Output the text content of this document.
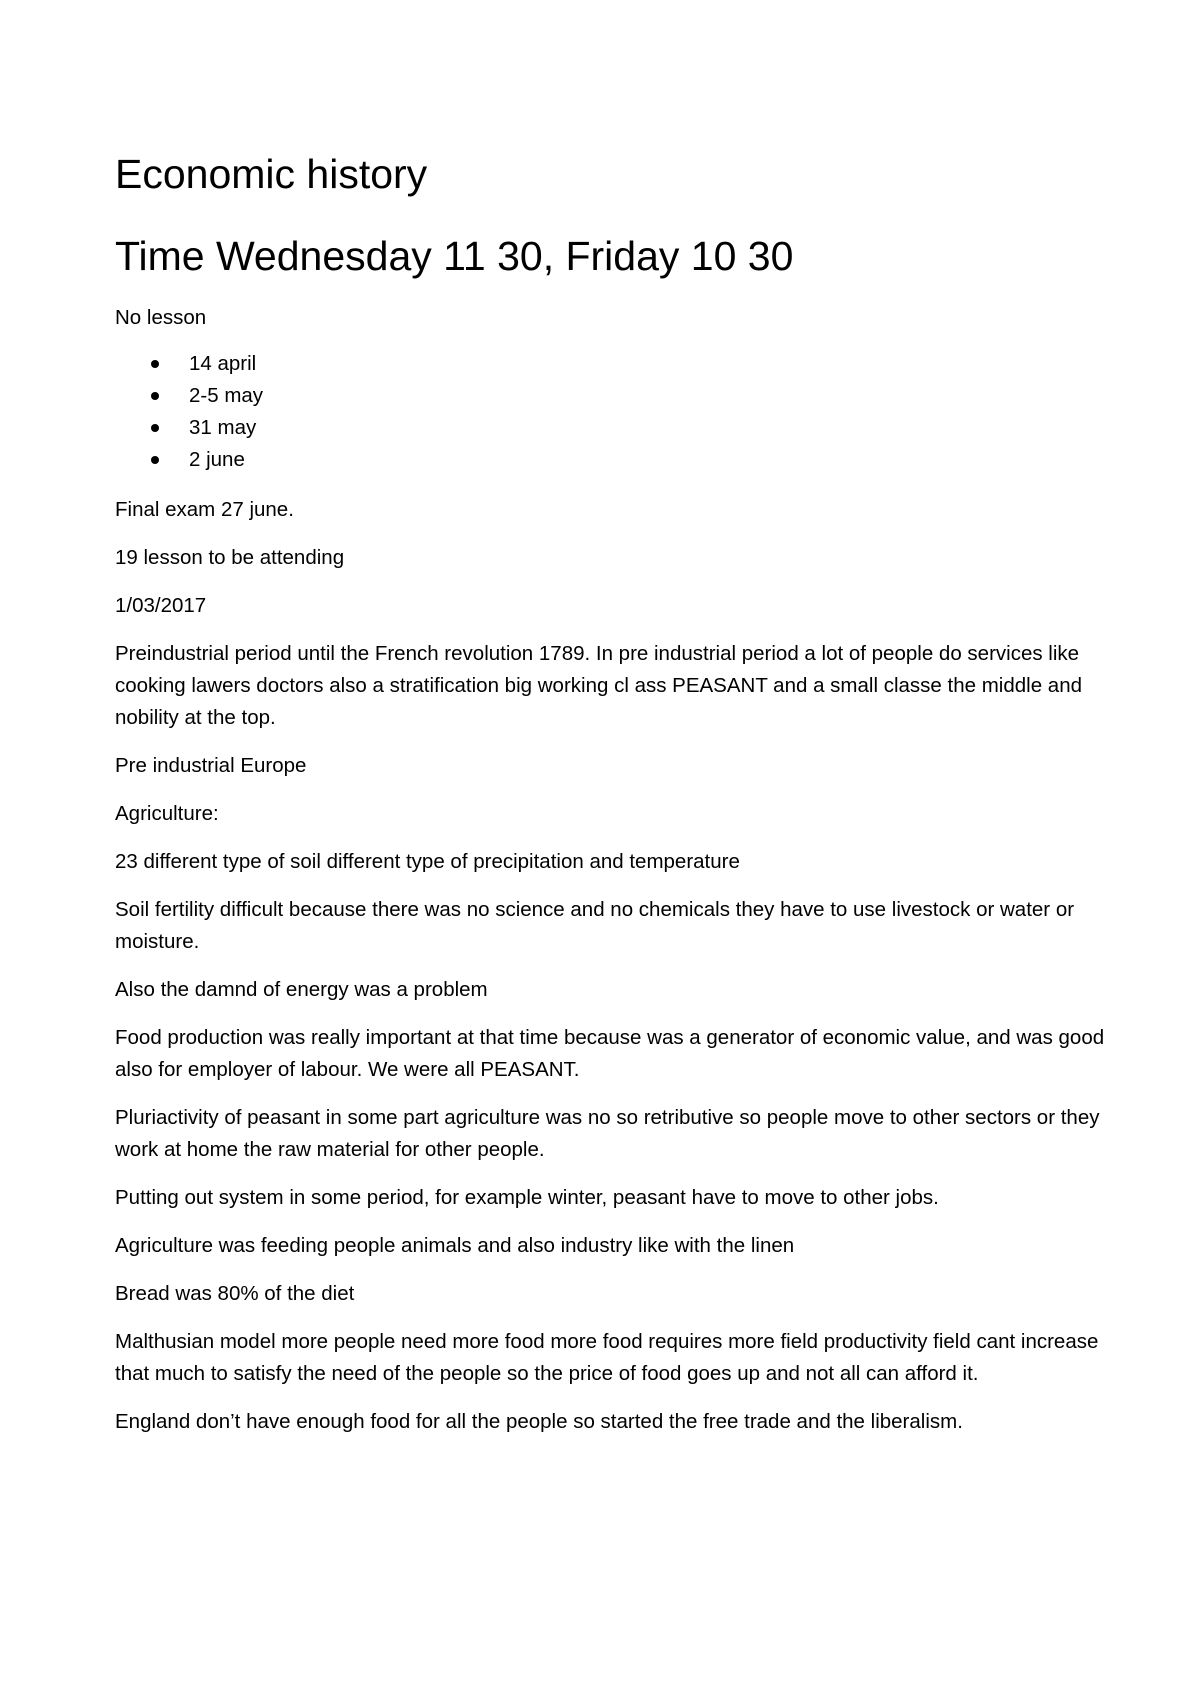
Economic history
Time Wednesday 11 30, Friday 10 30

No lesson

14 april
2-5 may
31 may
2 june

Final exam 27 june.

19 lesson to be attending

1/03/2017

Preindustrial period until the French revolution 1789. In pre industrial period a lot of people do services like cooking lawers doctors also a stratification big working cl ass PEASANT and a small classe the middle and nobility at the top.

Pre industrial Europe

Agriculture:

23 different type of soil different type of precipitation and temperature

Soil fertility difficult because there was no science and no chemicals they have to use livestock or water or moisture.

Also the damnd of energy was a problem

Food production was really important at that time because was a generator of economic value, and was good also for employer of labour. We were all PEASANT.

Pluriactivity of peasant in some part agriculture was no so retributive so people move to other sectors or they work at home the raw material for other people.

Putting out system in some period, for example winter, peasant have to move to other jobs.

Agriculture was feeding people animals and also industry like with the linen

Bread was 80% of the diet

Malthusian model more people need more food more food requires more field productivity field cant increase that much to satisfy the need of the people so the price of food goes up and not all can afford it.

England don’t have enough food for all the people so started the free trade and the liberalism.
